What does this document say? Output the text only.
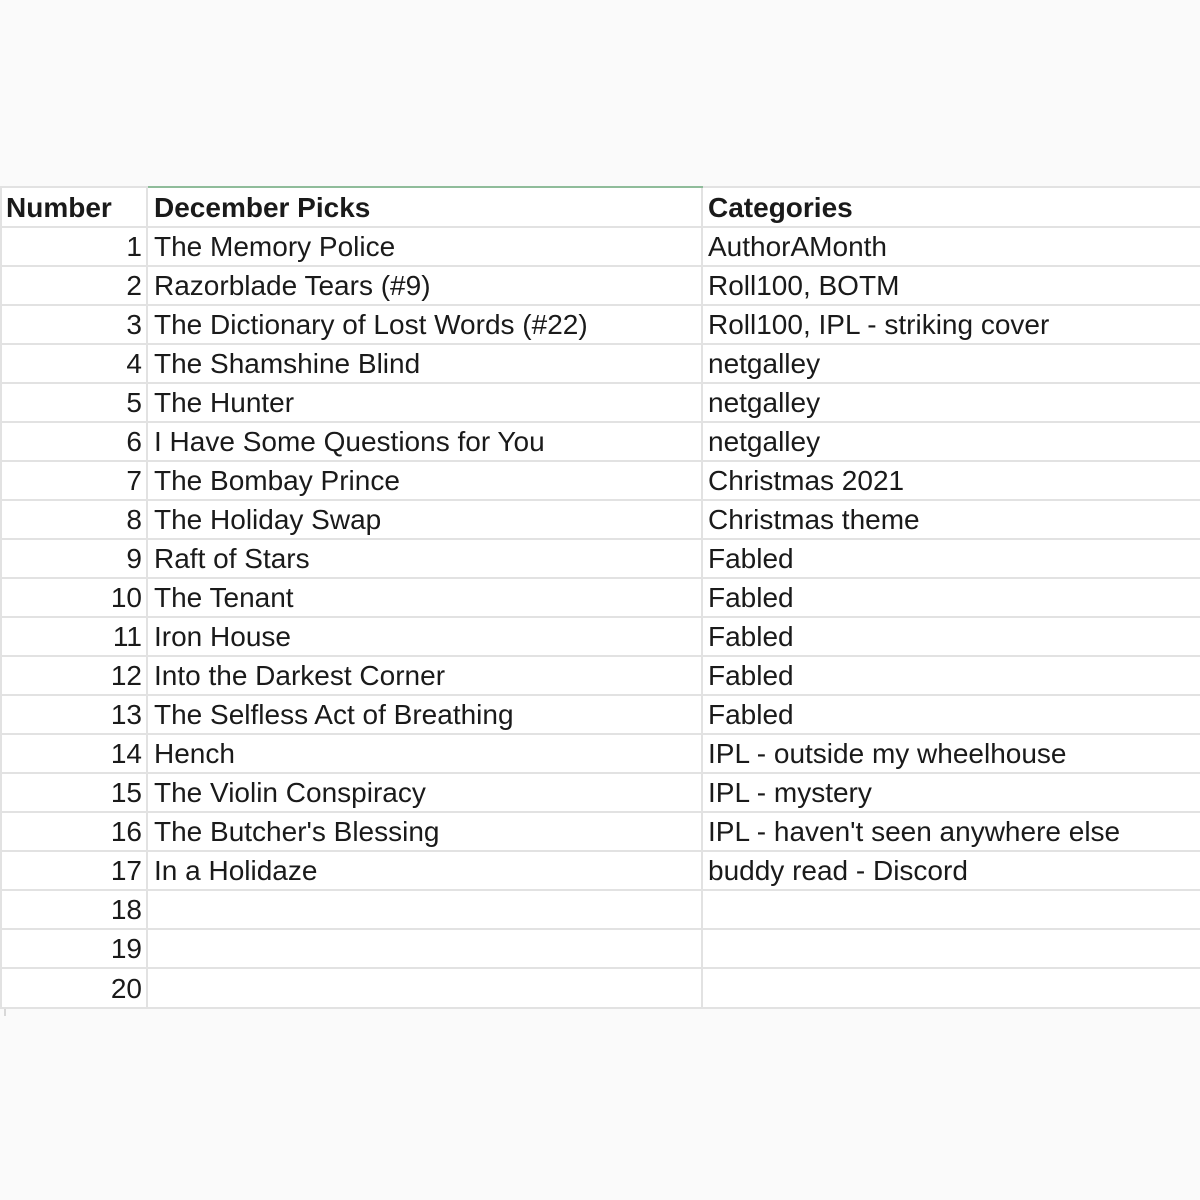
Number	December Picks	Categories
1	The Memory Police	AuthorAMonth
2	Razorblade Tears (#9)	Roll100, BOTM
3	The Dictionary of Lost Words (#22)	Roll100, IPL - striking cover
4	The Shamshine Blind	netgalley
5	The Hunter	netgalley
6	I Have Some Questions for You	netgalley
7	The Bombay Prince	Christmas 2021
8	The Holiday Swap	Christmas theme
9	Raft of Stars	Fabled
10	The Tenant	Fabled
11	Iron House	Fabled
12	Into the Darkest Corner	Fabled
13	The Selfless Act of Breathing	Fabled
14	Hench	IPL - outside my wheelhouse
15	The Violin Conspiracy	IPL - mystery
16	The Butcher's Blessing	IPL - haven't seen anywhere else
17	In a Holidaze	buddy read - Discord
18		
19		
20		
